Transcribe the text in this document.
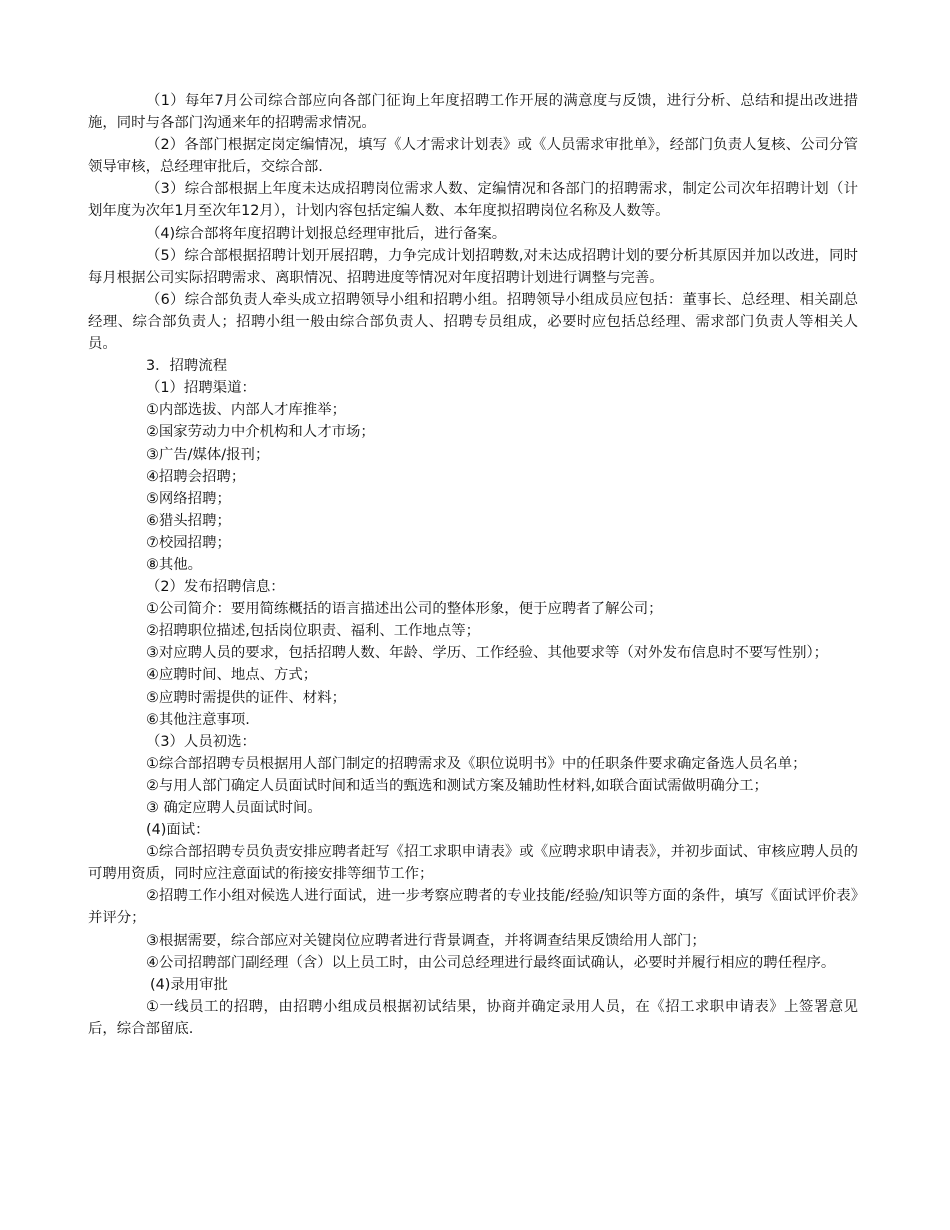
（1）每年7月公司综合部应向各部门征询上年度招聘工作开展的满意度与反馈，进行分析、总结和提出改进措施，同时与各部门沟通来年的招聘需求情况。

（2）各部门根据定岗定编情况，填写《人才需求计划表》或《人员需求审批单》，经部门负责人复核、公司分管领导审核，总经理审批后，交综合部.

（3）综合部根据上年度未达成招聘岗位需求人数、定编情况和各部门的招聘需求，制定公司次年招聘计划（计划年度为次年1月至次年12月），计划内容包括定编人数、本年度拟招聘岗位名称及人数等。

（4)综合部将年度招聘计划报总经理审批后，进行备案。

（5）综合部根据招聘计划开展招聘，力争完成计划招聘数,对未达成招聘计划的要分析其原因并加以改进，同时每月根据公司实际招聘需求、离职情况、招聘进度等情况对年度招聘计划进行调整与完善。

（6）综合部负责人牵头成立招聘领导小组和招聘小组。招聘领导小组成员应包括：董事长、总经理、相关副总经理、综合部负责人；招聘小组一般由综合部负责人、招聘专员组成，必要时应包括总经理、需求部门负责人等相关人员。

3．招聘流程

（1）招聘渠道：

①内部选拔、内部人才库推举；

②国家劳动力中介机构和人才市场；

③广告/媒体/报刊；

④招聘会招聘；

⑤网络招聘；

⑥猎头招聘；

⑦校园招聘；

⑧其他。

（2）发布招聘信息：

①公司简介：要用简练概括的语言描述出公司的整体形象，便于应聘者了解公司；

②招聘职位描述,包括岗位职责、福利、工作地点等；

③对应聘人员的要求，包括招聘人数、年龄、学历、工作经验、其他要求等（对外发布信息时不要写性别）；

④应聘时间、地点、方式；

⑤应聘时需提供的证件、材料；

⑥其他注意事项.

（3）人员初选：

①综合部招聘专员根据用人部门制定的招聘需求及《职位说明书》中的任职条件要求确定备选人员名单；

②与用人部门确定人员面试时间和适当的甄选和测试方案及辅助性材料,如联合面试需做明确分工；

③ 确定应聘人员面试时间。

(4)面试：

①综合部招聘专员负责安排应聘者赶写《招工求职申请表》或《应聘求职申请表》，并初步面试、审核应聘人员的可聘用资质，同时应注意面试的衔接安排等细节工作；

②招聘工作小组对候选人进行面试，进一步考察应聘者的专业技能/经验/知识等方面的条件，填写《面试评价表》并评分；

③根据需要，综合部应对关键岗位应聘者进行背景调查，并将调查结果反馈给用人部门；

④公司招聘部门副经理（含）以上员工时，由公司总经理进行最终面试确认，必要时并履行相应的聘任程序。

(4)录用审批

①一线员工的招聘，由招聘小组成员根据初试结果，协商并确定录用人员，在《招工求职申请表》上签署意见后，综合部留底.
